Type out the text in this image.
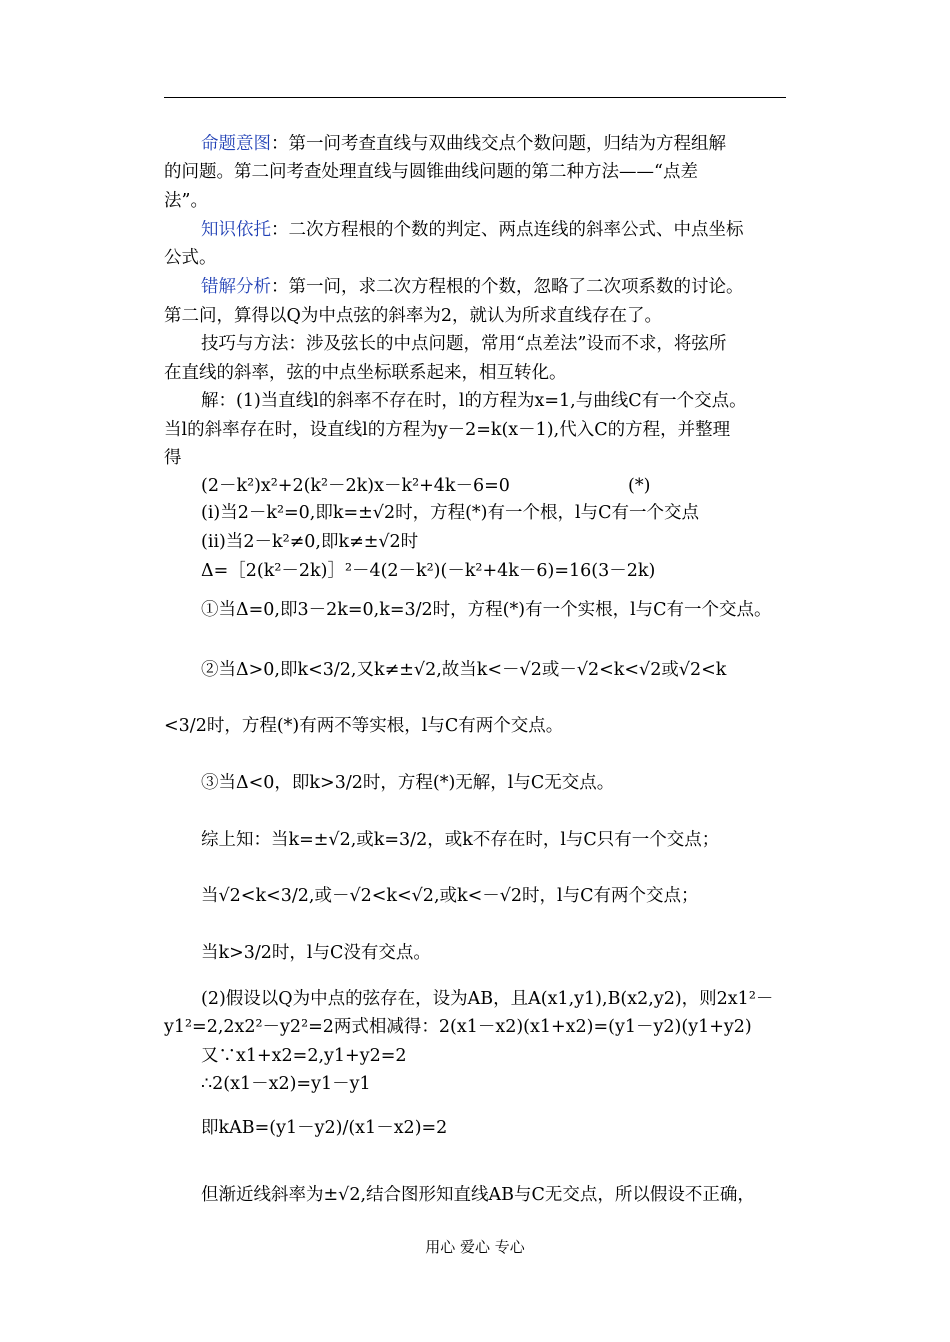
命题意图：第一问考查直线与双曲线交点个数问题，归结为方程组解
的问题。第二问考查处理直线与圆锥曲线问题的第二种方法——“点差
法”。
知识依托：二次方程根的个数的判定、两点连线的斜率公式、中点坐标
公式。
错解分析：第一问，求二次方程根的个数，忽略了二次项系数的讨论。
第二问，算得以Q为中点弦的斜率为2，就认为所求直线存在了。
技巧与方法：涉及弦长的中点问题，常用“点差法”设而不求，将弦所
在直线的斜率，弦的中点坐标联系起来，相互转化。
解：(1)当直线l的斜率不存在时，l的方程为x=1,与曲线C有一个交点。
当l的斜率存在时，设直线l的方程为y－2=k(x－1),代入C的方程，并整理
得
(2－k²)x²+2(k²－2k)x－k²+4k－6=0	(*)
(ⅰ)当2－k²=0,即k=±√2时，方程(*)有一个根，l与C有一个交点
(ⅱ)当2－k²≠0,即k≠±√2时
Δ=［2(k²－2k)］²－4(2－k²)(－k²+4k－6)=16(3－2k)
①当Δ=0,即3－2k=0,k=3/2时，方程(*)有一个实根，l与C有一个交点。
②当Δ>0,即k<3/2,又k≠±√2,故当k<－√2或－√2<k<√2或√2<k
<3/2时，方程(*)有两不等实根，l与C有两个交点。
③当Δ<0，即k>3/2时，方程(*)无解，l与C无交点。
综上知：当k=±√2,或k=3/2，或k不存在时，l与C只有一个交点；
当√2<k<3/2,或－√2<k<√2,或k<－√2时，l与C有两个交点；
当k>3/2时，l与C没有交点。
(2)假设以Q为中点的弦存在，设为AB，且A(x1,y1),B(x2,y2)，则2x1²－
y1²=2,2x2²－y2²=2两式相减得：2(x1－x2)(x1+x2)=(y1－y2)(y1+y2)
又∵x1+x2=2,y1+y2=2
∴2(x1－x2)=y1－y1
即kAB=(y1－y2)/(x1－x2)=2
但渐近线斜率为±√2,结合图形知直线AB与C无交点，所以假设不正确，
用心 爱心 专心
